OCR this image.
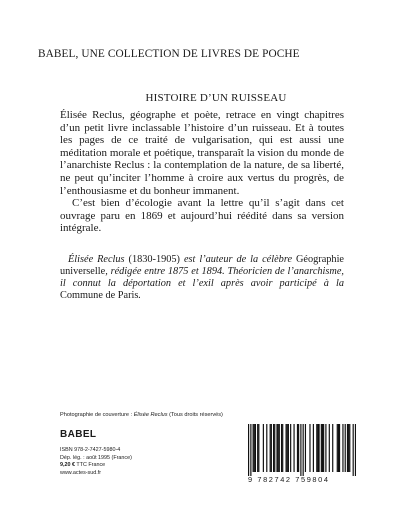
BABEL, UNE COLLECTION DE LIVRES DE POCHE
HISTOIRE D’UN RUISSEAU

Élisée Reclus, géographe et poète, retrace en vingt chapitres d’un petit livre inclassable l’histoire d’un ruisseau. Et à toutes les pages de ce traité de vulgarisation, qui est aussi une méditation morale et poétique, transparaît la vision du monde de l’anarchiste Reclus : la contemplation de la nature, de sa liberté, ne peut qu’inciter l’homme à croire aux vertus du progrès, de l’enthousiasme et du bonheur immanent.

C’est bien d’écologie avant la lettre qu’il s’agit dans cet ouvrage paru en 1869 et aujourd’hui réédité dans sa version intégrale.

Élisée Reclus (1830-1905) est l’auteur de la célèbre Géographie universelle, rédigée entre 1875 et 1894. Théoricien de l’anarchisme, il connut la déportation et l’exil après avoir participé à la Commune de Paris.
Photographie de couverture : Élisée Reclus (Tous droits réservés)
BABEL
ISBN 978-2-7427-5980-4
Dép. lég. : août 1995 (France)
9,20 € TTC France
www.actes-sud.fr
9 782742 759804
